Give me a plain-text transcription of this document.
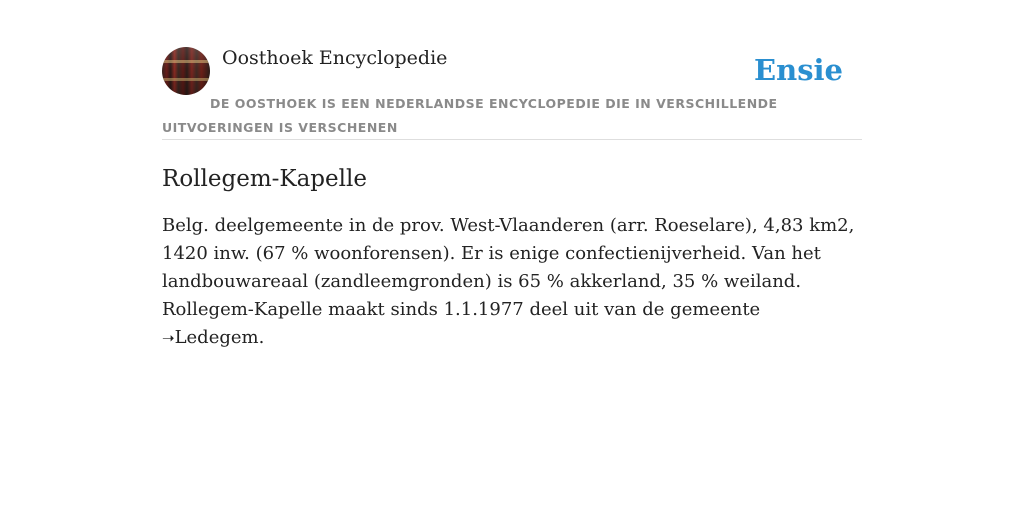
Oosthoek Encyclopedie	Ensie
DE OOSTHOEK IS EEN NEDERLANDSE ENCYCLOPEDIE DIE IN VERSCHILLENDE UITVOERINGEN IS VERSCHENEN
Rollegem-Kapelle

Belg. deelgemeente in de prov. West-Vlaanderen (arr. Roeselare), 4,83 km2, 1420 inw. (67 % woonforensen). Er is enige confectienijverheid. Van het landbouwareaal (zandleemgronden) is 65 % akkerland, 35 % weiland. Rollegem-Kapelle maakt sinds 1.1.1977 deel uit van de gemeente ➝Ledegem.
